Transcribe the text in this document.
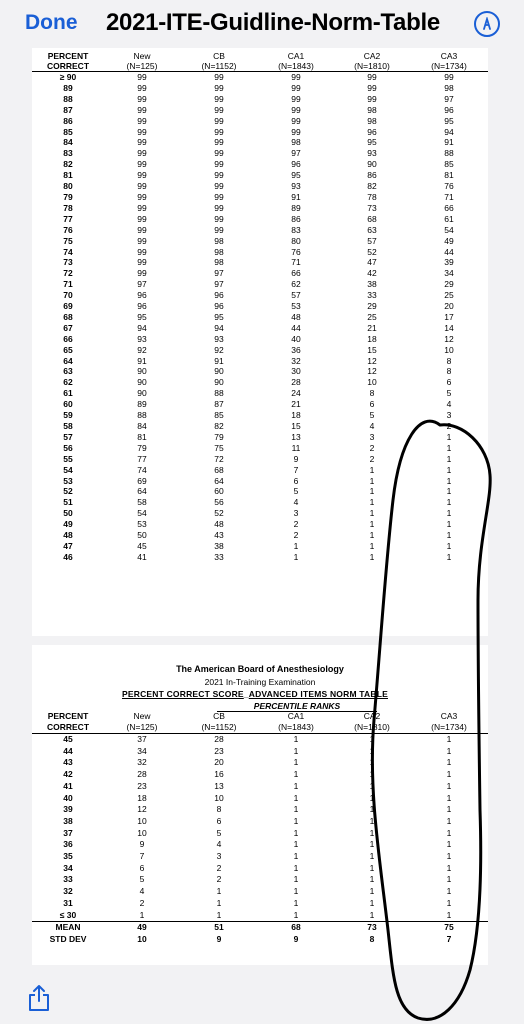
Done 2021-ITE-Guidline-Norm-Table
PERCENT	New	CB	CA1	CA2	CA3
CORRECT	(N=125)	(N=1152)	(N=1843)	(N=1810)	(N=1734)
≥ 90	99	99	99	99	99
89	99	99	99	99	98
88	99	99	99	99	97
87	99	99	99	98	96
86	99	99	99	98	95
85	99	99	99	96	94
84	99	99	98	95	91
83	99	99	97	93	88
82	99	99	96	90	85
81	99	99	95	86	81
80	99	99	93	82	76
79	99	99	91	78	71
78	99	99	89	73	66
77	99	99	86	68	61
76	99	99	83	63	54
75	99	98	80	57	49
74	99	98	76	52	44
73	99	98	71	47	39
72	99	97	66	42	34
71	97	97	62	38	29
70	96	96	57	33	25
69	96	96	53	29	20
68	95	95	48	25	17
67	94	94	44	21	14
66	93	93	40	18	12
65	92	92	36	15	10
64	91	91	32	12	8
63	90	90	30	12	8
62	90	90	28	10	6
61	90	88	24	8	5
60	89	87	21	6	4
59	88	85	18	5	3
58	84	82	15	4	2
57	81	79	13	3	1
56	79	75	11	2	1
55	77	72	9	2	1
54	74	68	7	1	1
53	69	64	6	1	1
52	64	60	5	1	1
51	58	56	4	1	1
50	54	52	3	1	1
49	53	48	2	1	1
48	50	43	2	1	1
47	45	38	1	1	1
46	41	33	1	1	1
The American Board of Anesthesiology
2021 In-Training Examination
PERCENT CORRECT SCORE_ADVANCED ITEMS NORM TABLE
PERCENTILE RANKS
PERCENT	New	CB	CA1	CA2	CA3
CORRECT	(N=125)	(N=1152)	(N=1843)	(N=1810)	(N=1734)
45	37	28	1	1	1
44	34	23	1	1	1
43	32	20	1	1	1
42	28	16	1	1	1
41	23	13	1	1	1
40	18	10	1	1	1
39	12	8	1	1	1
38	10	6	1	1	1
37	10	5	1	1	1
36	9	4	1	1	1
35	7	3	1	1	1
34	6	2	1	1	1
33	5	2	1	1	1
32	4	1	1	1	1
31	2	1	1	1	1
≤ 30	1	1	1	1	1
MEAN	49	51	68	73	75
STD DEV	10	9	9	8	7
